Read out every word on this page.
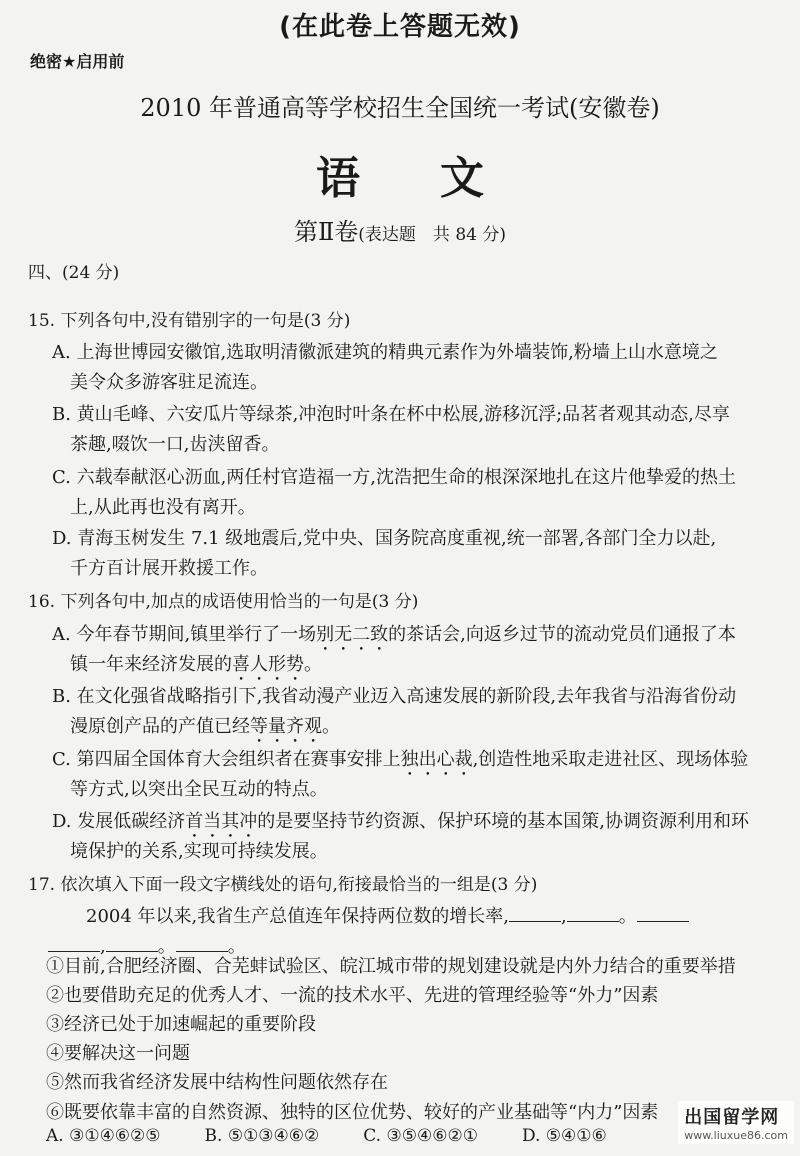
(在此卷上答题无效)
绝密★启用前
2010 年普通高等学校招生全国统一考试(安徽卷)
语文
第Ⅱ卷(表达题　共 84 分)
四、(24 分)
15. 下列各句中,没有错别字的一句是(3 分)
A. 上海世博园安徽馆,选取明清徽派建筑的精典元素作为外墙装饰,粉墙上山水意境之
美令众多游客驻足流连。
B. 黄山毛峰、六安瓜片等绿茶,冲泡时叶条在杯中松展,游移沉浮;品茗者观其动态,尽享
茶趣,啜饮一口,齿浃留香。
C. 六载奉献沤心沥血,两任村官造福一方,沈浩把生命的根深深地扎在这片他挚爱的热土
上,从此再也没有离开。
D. 青海玉树发生 7.1 级地震后,党中央、国务院高度重视,统一部署,各部门全力以赴,
千方百计展开救援工作。
16. 下列各句中,加点的成语使用恰当的一句是(3 分)
A. 今年春节期间,镇里举行了一场别无二致的茶话会,向返乡过节的流动党员们通报了本
镇一年来经济发展的喜人形势。
B. 在文化强省战略指引下,我省动漫产业迈入高速发展的新阶段,去年我省与沿海省份动
漫原创产品的产值已经等量齐观。
C. 第四届全国体育大会组织者在赛事安排上独出心裁,创造性地采取走进社区、现场体验
等方式,以突出全民互动的特点。
D. 发展低碳经济首当其冲的是要坚持节约资源、保护环境的基本国策,协调资源利用和环
境保护的关系,实现可持续发展。
17. 依次填入下面一段文字横线处的语句,衔接最恰当的一组是(3 分)
2004 年以来,我省生产总值连年保持两位数的增长率,	,	。
,	。	。
①目前,合肥经济圈、合芜蚌试验区、皖江城市带的规划建设就是内外力结合的重要举措
②也要借助充足的优秀人才、一流的技术水平、先进的管理经验等“外力”因素
③经济已处于加速崛起的重要阶段
④要解决这一问题
⑤然而我省经济发展中结构性问题依然存在
A. ③①④⑥②⑤	B. ⑤①③④⑥②	C. ③⑤④⑥②①	D. ⑤④①⑥
出国留学网
www.liuxue86.com
⑥既要依靠丰富的自然资源、独特的区位优势、较好的产业基础等“内力”因素
